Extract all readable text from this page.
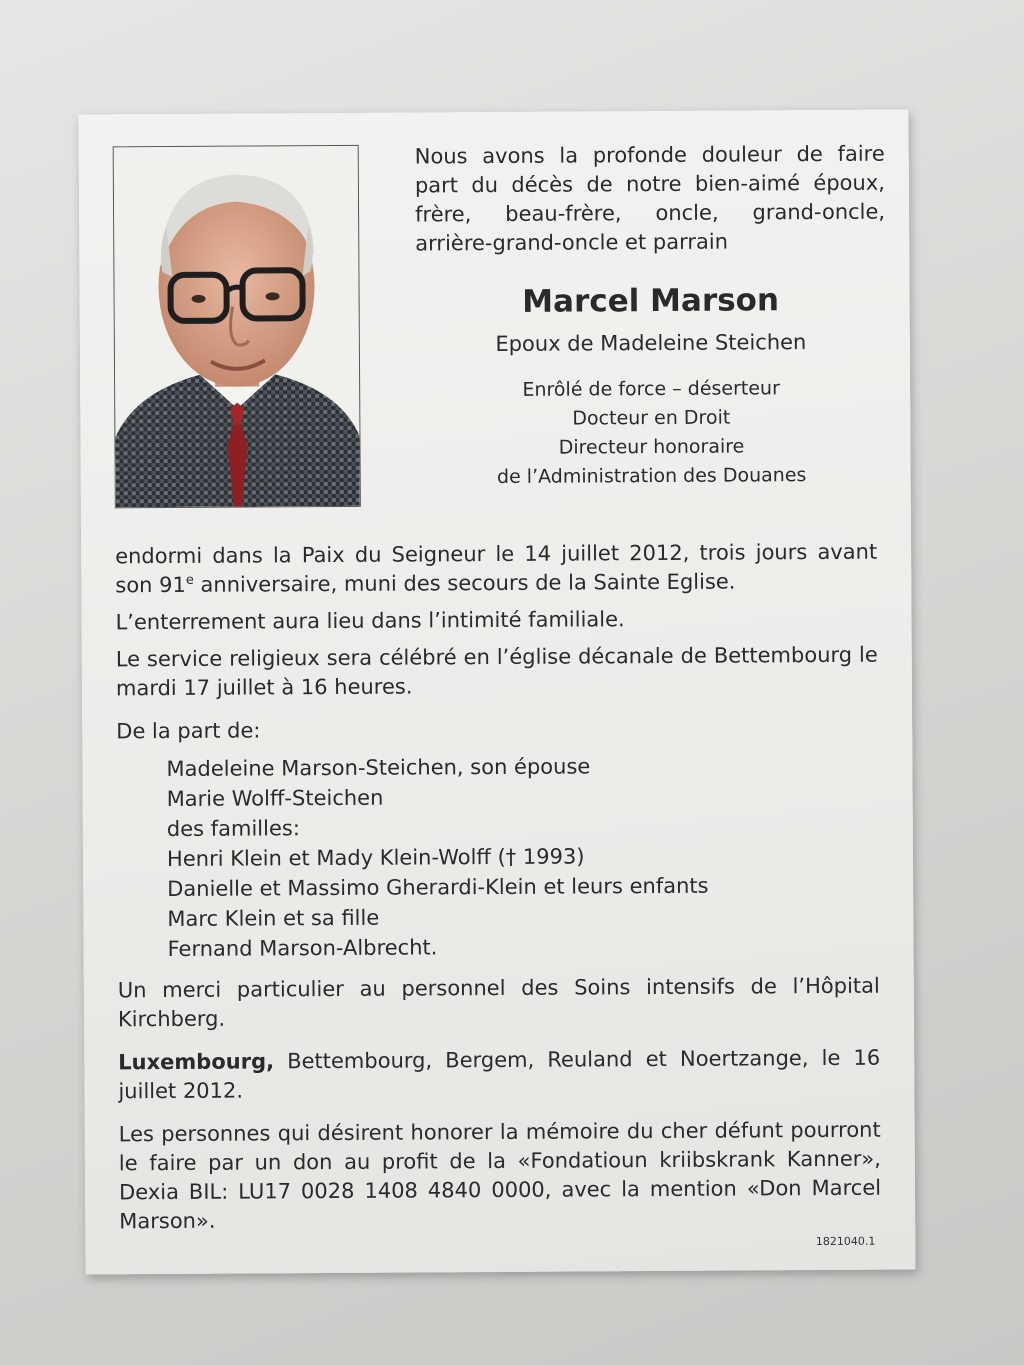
Nous avons la profonde douleur de faire part du décès de notre bien-aimé époux, frère, beau-frère, oncle, grand-oncle, arrière-grand-oncle et parrain
Marcel Marson
Epoux de Madeleine Steichen
Enrôlé de force – déserteur
Docteur en Droit
Directeur honoraire
de l’Administration des Douanes

endormi dans la Paix du Seigneur le 14 juillet 2012, trois jours avant son 91e anniversaire, muni des secours de la Sainte Eglise.

L’enterrement aura lieu dans l’intimité familiale.

Le service religieux sera célébré en l’église décanale de Bettembourg le mardi 17 juillet à 16 heures.

De la part de:

Madeleine Marson-Steichen, son épouse
Marie Wolff-Steichen
des familles:
Henri Klein et Mady Klein-Wolff († 1993)
Danielle et Massimo Gherardi-Klein et leurs enfants
Marc Klein et sa fille
Fernand Marson-Albrecht.

Un merci particulier au personnel des Soins intensifs de l’Hôpital Kirchberg.

Luxembourg, Bettembourg, Bergem, Reuland et Noertzange, le 16 juillet 2012.

Les personnes qui désirent honorer la mémoire du cher défunt pourront le faire par un don au profit de la «Fondatioun kriibskrank Kanner», Dexia BIL: LU17 0028 1408 4840 0000, avec la mention «Don Marcel Marson».

1821040.1
